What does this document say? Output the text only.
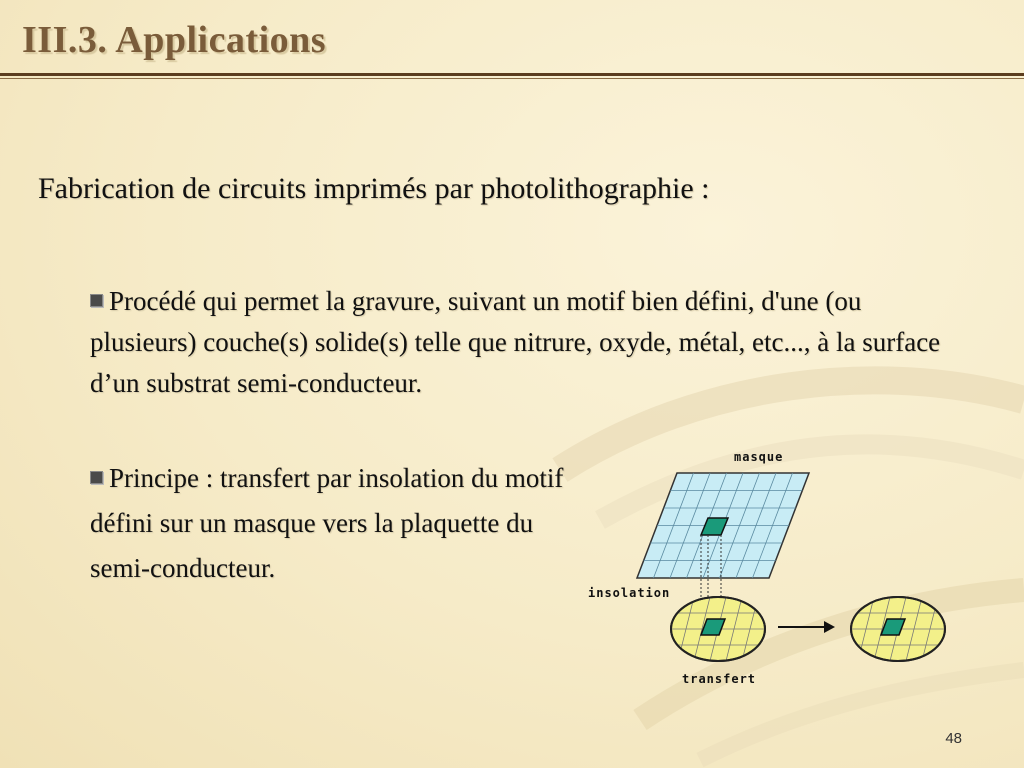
III.3. Applications
Fabrication de circuits imprimés par photolithographie :
Procédé qui permet la gravure, suivant un motif bien défini, d'une (ou plusieurs) couche(s) solide(s) telle que nitrure, oxyde, métal, etc..., à la surface d’un substrat semi-conducteur.
Principe : transfert par insolation du motif défini sur un masque vers la plaquette du semi-conducteur.
masque
insolation
transfert
48
